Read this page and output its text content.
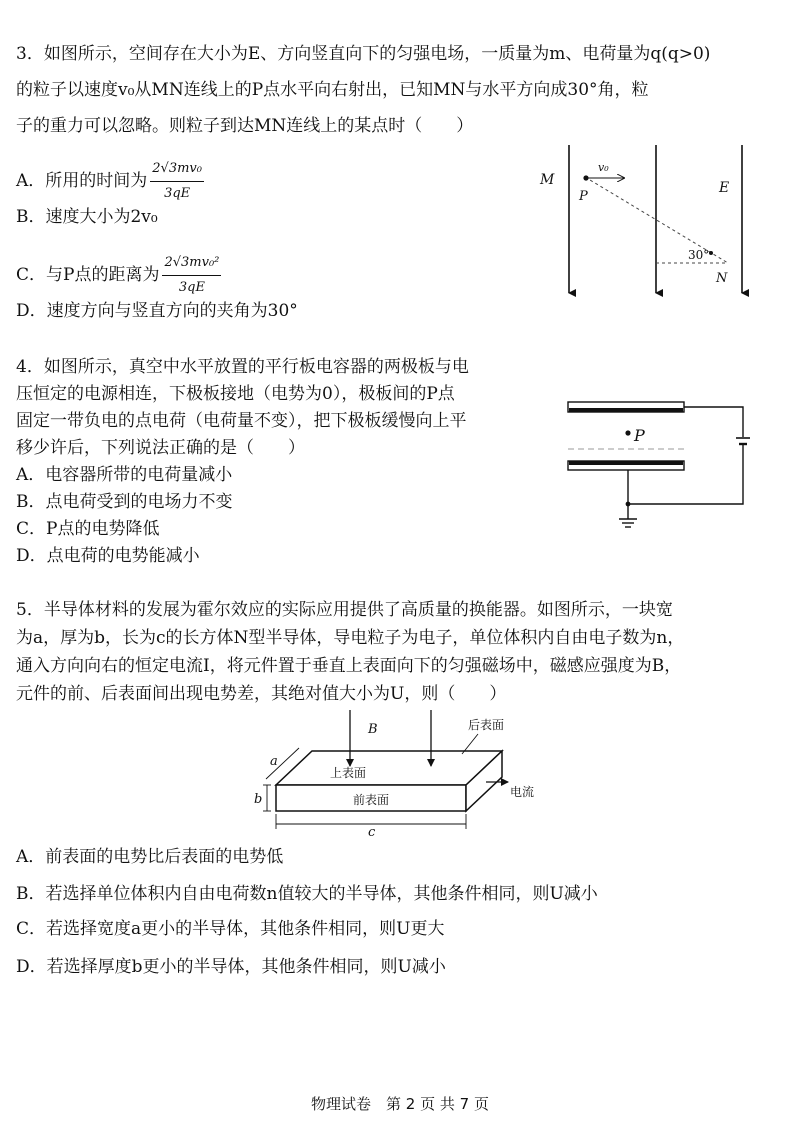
3．如图所示，空间存在大小为E、方向竖直向下的匀强电场，一质量为m、电荷量为q(q>0)
的粒子以速度v₀从MN连线上的P点水平向右射出，已知MN与水平方向成30°角，粒
子的重力可以忽略。则粒子到达MN连线上的某点时（　　）
A．所用的时间为 $\frac{\text{2√3mv₀}}{3qE}$
B．速度大小为2v₀
C．与P点的距离为 $\frac{\text{2√3mv₀²}}{3qE}$
D．速度方向与竖直方向的夹角为30°
M
P
v₀
E
30°
N
4．如图所示，真空中水平放置的平行板电容器的两极板与电
压恒定的电源相连，下极板接地（电势为0），极板间的P点
固定一带负电的点电荷（电荷量不变），把下极板缓慢向上平
移少许后，下列说法正确的是（　　）
A．电容器所带的电荷量减小
B．点电荷受到的电场力不变
C．P点的电势降低
D．点电荷的电势能减小
P
5．半导体材料的发展为霍尔效应的实际应用提供了高质量的换能器。如图所示，一块宽
为a，厚为b，长为c的长方体N型半导体，导电粒子为电子，单位体积内自由电子数为n，
通入方向向右的恒定电流I，将元件置于垂直上表面向下的匀强磁场中，磁感应强度为B，
元件的前、后表面间出现电势差，其绝对值大小为U，则（　　）
B	后表面
上表面
前表面
电流
a
b
c
A．前表面的电势比后表面的电势低
B．若选择单位体积内自由电荷数n值较大的半导体，其他条件相同，则U减小
C．若选择宽度a更小的半导体，其他条件相同，则U更大
D．若选择厚度b更小的半导体，其他条件相同，则U减小
物理试卷　第 2 页 共 7 页
